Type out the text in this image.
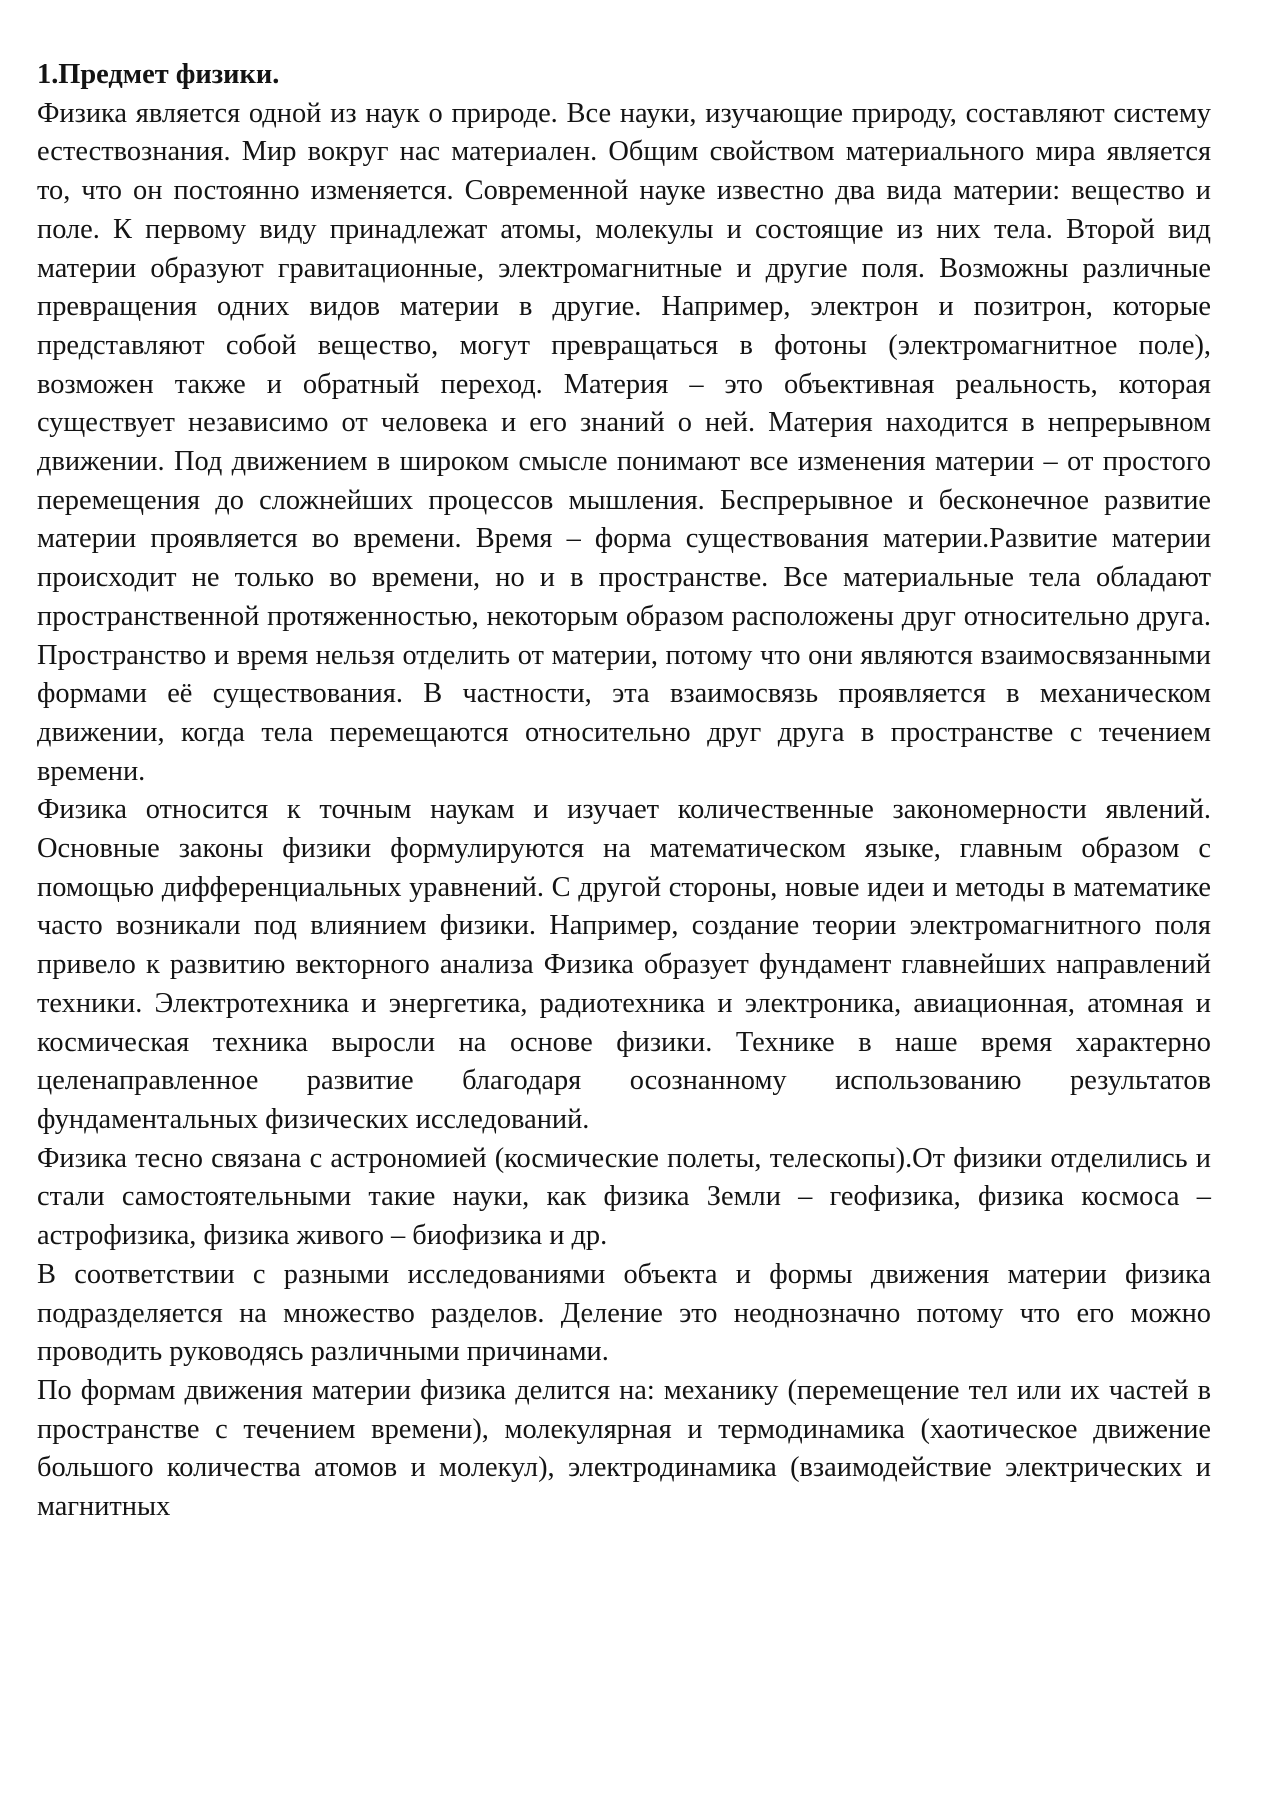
1.Предмет физики.

Физика является одной из наук о природе. Все науки, изучающие природу, составляют систему естествознания. Мир вокруг нас материален. Общим свойством материального мира является то, что он постоянно изменяется. Современной науке известно два вида материи: вещество и поле. К первому виду принадлежат атомы, молекулы и состоящие из них тела. Второй вид материи образуют гравитационные, электромагнитные и другие поля. Возможны различные превращения одних видов материи в другие. Например, электрон и позитрон, которые представляют собой вещество, могут превращаться в фотоны (электромагнитное поле), возможен также и обратный переход. Материя – это объективная реальность, которая существует независимо от человека и его знаний о ней. Материя находится в непрерывном движении. Под движением в широком смысле понимают все изменения материи – от простого перемещения до сложнейших процессов мышления. Беспрерывное и бесконечное развитие материи проявляется во времени. Время – форма существования материи.Развитие материи происходит не только во времени, но и в пространстве. Все материальные тела обладают пространственной протяженностью, некоторым образом расположены друг относительно друга. Пространство и время нельзя отделить от материи, потому что они являются взаимосвязанными формами её существования. В частности, эта взаимосвязь проявляется в механическом движении, когда тела перемещаются относительно друг друга в пространстве с течением времени.

Физика относится к точным наукам и изучает количественные закономерности явлений. Основные законы физики формулируются на математическом языке, главным образом с помощью дифференциальных уравнений. С другой стороны, новые идеи и методы в математике часто возникали под влиянием физики. Например, создание теории электромагнитного поля привело к развитию векторного анализа Физика образует фундамент главнейших направлений техники. Электротехника и энергетика, радиотехника и электроника, авиационная, атомная и космическая техника выросли на основе физики. Технике в наше время характерно целенаправленное развитие благодаря осознанному использованию результатов фундаментальных физических исследований.

Физика тесно связана с астрономией (космические полеты, телескопы).От физики отделились и стали самостоятельными такие науки, как физика Земли – геофизика, физика космоса – астрофизика, физика живого – биофизика и др.

В соответствии с разными исследованиями объекта и формы движения материи физика подразделяется на множество разделов. Деление это неоднозначно потому что его можно проводить руководясь различными причинами.

По формам движения материи физика делится на: механику (перемещение тел или их частей в пространстве с течением времени), молекулярная и термодинамика (хаотическое движение большого количества атомов и молекул), электродинамика (взаимодействие электрических и магнитных
